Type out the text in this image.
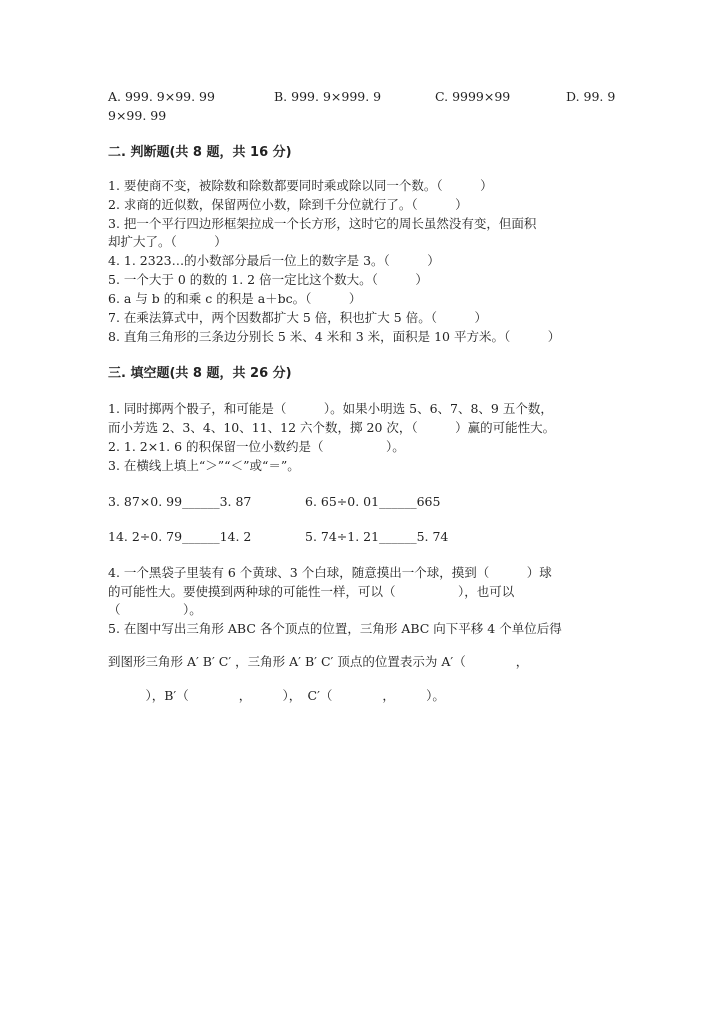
A. 999. 9×99. 99	B. 999. 9×999. 9	C. 9999×99	D. 99. 9
9×99. 99
二. 判断题(共 8 题，共 16 分)
1. 要使商不变，被除数和除数都要同时乘或除以同一个数。（　　　）
2. 求商的近似数，保留两位小数，除到千分位就行了。（　　　）
3. 把一个平行四边形框架拉成一个长方形，这时它的周长虽然没有变，但面积
却扩大了。（　　　）
4. 1. 2323…的小数部分最后一位上的数字是 3。（　　　）
5. 一个大于 0 的数的 1. 2 倍一定比这个数大。（　　　）
6. a 与 b 的和乘 c 的积是 a＋bc。（　　　）
7. 在乘法算式中，两个因数都扩大 5 倍，积也扩大 5 倍。（　　　）
8. 直角三角形的三条边分别长 5 米、4 米和 3 米，面积是 10 平方米。（　　　）
三. 填空题(共 8 题，共 26 分)
1. 同时掷两个骰子，和可能是（　　　）。如果小明选 5、6、7、8、9 五个数，
而小芳选 2、3、4、10、11、12 六个数，掷 20 次，（　　　）赢的可能性大。
2. 1. 2×1. 6 的积保留一位小数约是（　　　　　）。
3. 在横线上填上“＞”“＜”或“＝”。
3. 87×0. 99______3. 87	6. 65÷0. 01______665
14. 2÷0. 79______14. 2	5. 74÷1. 21______5. 74
4. 一个黑袋子里装有 6 个黄球、3 个白球，随意摸出一个球，摸到（　　　）球
的可能性大。要使摸到两种球的可能性一样，可以（　　　　　），也可以
（　　　　　）。
5. 在图中写出三角形 ABC 各个顶点的位置，三角形 ABC 向下平移 4 个单位后得
到图形三角形 A′ B′ C′ ，三角形 A′ B′ C′ 顶点的位置表示为 A′（　　　　，
　　　），B′（　　　　，　　　），　C′（　　　　，　　　）。
